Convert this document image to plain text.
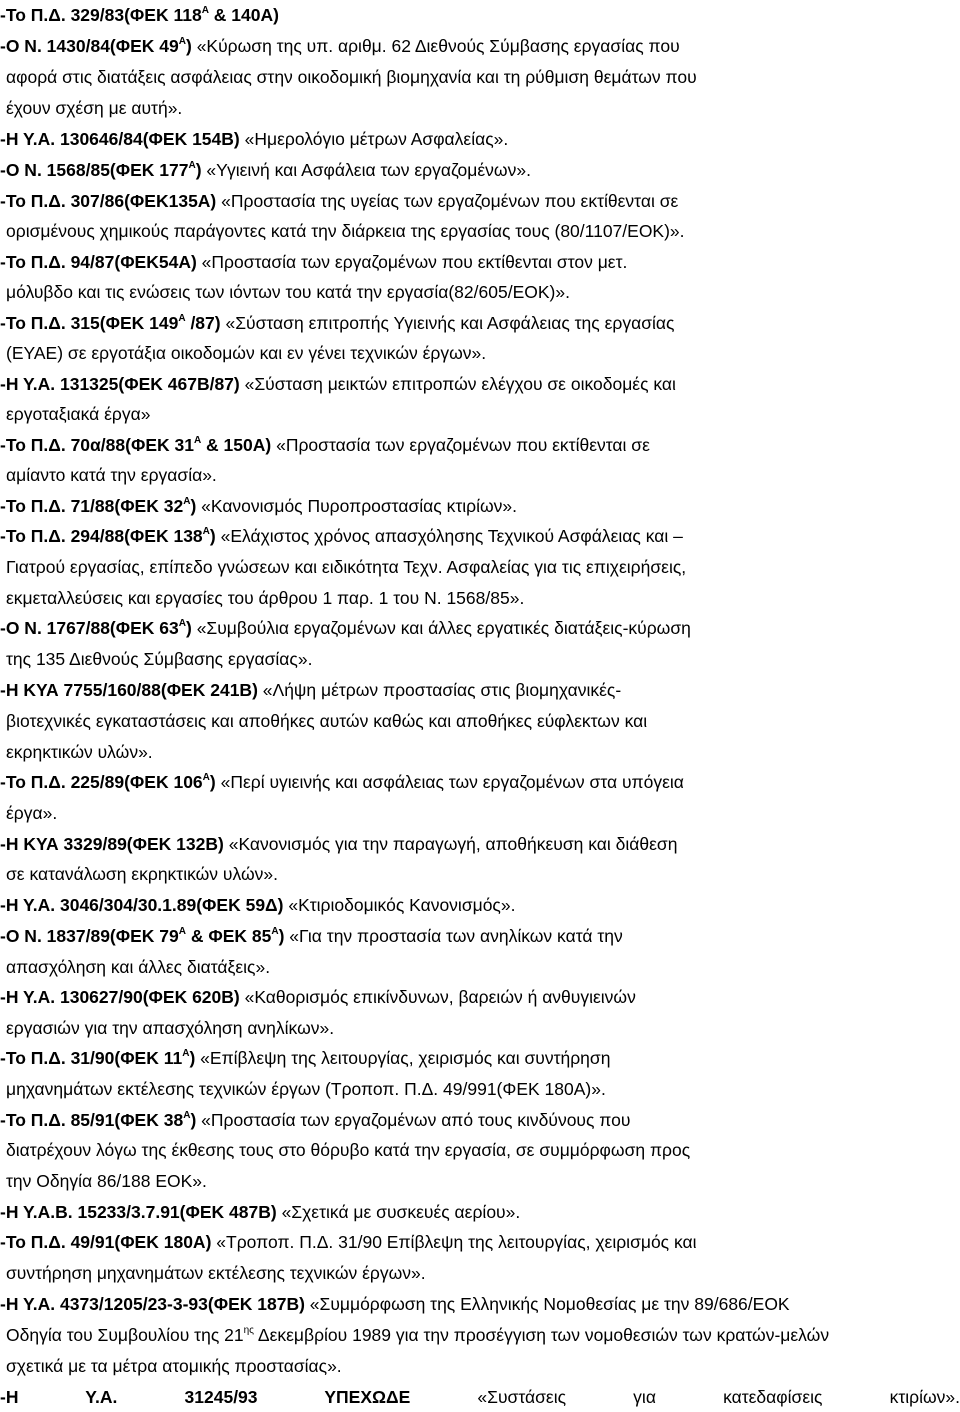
-Το Π.Δ. 329/83(ΦΕΚ $118^A$ & 140Α)
-Ο Ν. 1430/84(ΦΕΚ $49^A$) «Κύρωση της υπ. αριθμ. 62 Διεθνούς Σύμβασης εργασίας που
αφορά στις διατάξεις ασφάλειας στην οικοδομική βιομηχανία και τη ρύθμιση θεμάτων που
έχουν σχέση με αυτή».
-Η Υ.Α. 130646/84(ΦΕΚ 154Β) «Ημερολόγιο μέτρων Ασφαλείας».
-Ο Ν. 1568/85(ΦΕΚ $177^A$) «Υγιεινή και Ασφάλεια των εργαζομένων».
-Το Π.Δ. 307/86(ΦΕΚ135Α) «Προστασία της υγείας των εργαζομένων που εκτίθενται σε
ορισμένους χημικούς παράγοντες κατά την διάρκεια της εργασίας τους (80/1107/ΕΟΚ)».
-Το Π.Δ. 94/87(ΦΕΚ54Α) «Προστασία των εργαζομένων που εκτίθενται στον μετ.
μόλυβδο και τις ενώσεις των ιόντων του κατά την εργασία(82/605/ΕΟΚ)».
-Το Π.Δ. 315(ΦΕΚ $149^A$ /87) «Σύσταση επιτροπής Υγιεινής και Ασφάλειας της εργασίας
(ΕΥΑΕ) σε εργοτάξια οικοδομών και εν γένει τεχνικών έργων».
-Η Υ.Α. 131325(ΦΕΚ 467Β/87) «Σύσταση μεικτών επιτροπών ελέγχου σε οικοδομές και
εργοταξιακά έργα»
-Το Π.Δ. 70α/88(ΦΕΚ $31^A$ & 150Α) «Προστασία των εργαζομένων που εκτίθενται σε
αμίαντο κατά την εργασία».
-Το Π.Δ. 71/88(ΦΕΚ $32^A$) «Κανονισμός Πυροπροστασίας κτιρίων».
-Το Π.Δ. 294/88(ΦΕΚ $138^A$) «Ελάχιστος χρόνος απασχόλησης Τεχνικού Ασφάλειας και –
Γιατρού εργασίας, επίπεδο γνώσεων και ειδικότητα Τεχν. Ασφαλείας για τις επιχειρήσεις,
εκμεταλλεύσεις και εργασίες του άρθρου 1 παρ. 1 του Ν. 1568/85».
-Ο Ν. 1767/88(ΦΕΚ $63^A$) «Συμβούλια εργαζομένων και άλλες εργατικές διατάξεις-κύρωση
της 135 Διεθνούς Σύμβασης εργασίας».
-Η ΚΥΑ 7755/160/88(ΦΕΚ 241Β) «Λήψη μέτρων προστασίας στις βιομηχανικές-
βιοτεχνικές εγκαταστάσεις και αποθήκες αυτών καθώς και αποθήκες εύφλεκτων και
εκρηκτικών υλών».
-Το Π.Δ. 225/89(ΦΕΚ $106^A$) «Περί υγιεινής και ασφάλειας των εργαζομένων στα υπόγεια
έργα».
-Η ΚΥΑ 3329/89(ΦΕΚ 132Β) «Κανονισμός για την παραγωγή, αποθήκευση και διάθεση
σε κατανάλωση εκρηκτικών υλών».
-Η Υ.Α. 3046/304/30.1.89(ΦΕΚ 59Δ) «Κτιριοδομικός Κανονισμός».
-Ο Ν. 1837/89(ΦΕΚ $79^A$ & ΦΕΚ $85^A$) «Για την προστασία των ανηλίκων κατά την
απασχόληση και άλλες διατάξεις».
-Η Υ.Α. 130627/90(ΦΕΚ 620Β) «Καθορισμός επικίνδυνων, βαρειών ή ανθυγιεινών
εργασιών για την απασχόληση ανηλίκων».
-Το Π.Δ. 31/90(ΦΕΚ $11^A$) «Επίβλεψη της λειτουργίας, χειρισμός και συντήρηση
μηχανημάτων εκτέλεσης τεχνικών έργων (Τροποπ. Π.Δ. 49/991(ΦΕΚ 180Α)».
-Το Π.Δ. 85/91(ΦΕΚ $38^A$) «Προστασία των εργαζομένων από τους κινδύνους που
διατρέχουν λόγω της έκθεσης τους στο θόρυβο κατά την εργασία, σε συμμόρφωση προς
την Οδηγία 86/188 ΕΟΚ».
-Η Υ.Α.Β. 15233/3.7.91(ΦΕΚ 487Β) «Σχετικά με συσκευές αερίου».
-Το Π.Δ. 49/91(ΦΕΚ 180Α) «Τροποπ. Π.Δ. 31/90 Επίβλεψη της λειτουργίας, χειρισμός και
συντήρηση μηχανημάτων εκτέλεσης τεχνικών έργων».
-Η Υ.Α. 4373/1205/23-3-93(ΦΕΚ 187Β) «Συμμόρφωση της Ελληνικής Νομοθεσίας με την 89/686/ΕΟΚ
Οδηγία του Συμβουλίου της $21^{\eta\varsigma}$ Δεκεμβρίου 1989 για την προσέγγιση των νομοθεσιών των κρατών-μελών
σχετικά με τα μέτρα ατομικής προστασίας».
-Η Υ.Α. 31245/93 ΥΠΕΧΩΔΕ «Συστάσεις για κατεδαφίσεις κτιρίων».
